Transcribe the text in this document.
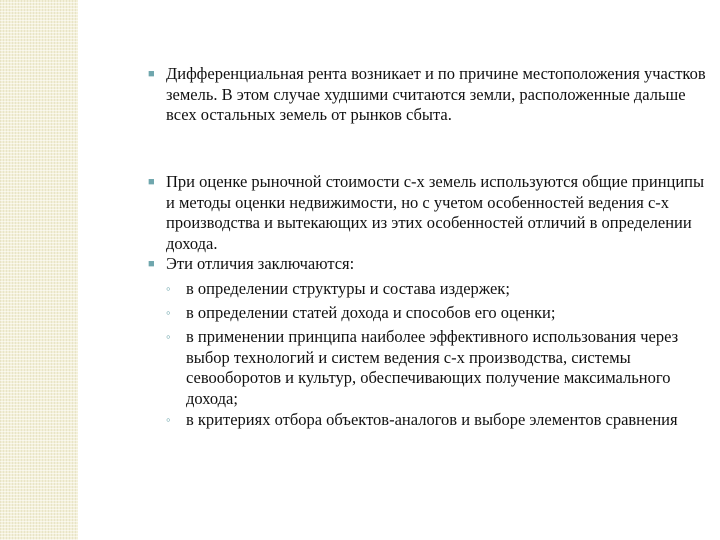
■ Дифференциальная рента возникает и по причине местоположения участков земель. В этом случае худшими считаются земли, расположенные дальше всех остальных земель от рынков сбыта.
■ При оценке рыночной стоимости с-х земель используются общие принципы и методы оценки недвижимости, но с учетом особенностей ведения с-х производства и вытекающих из этих особенностей отличий в определении дохода.
■ Эти отличия заключаются:
◦ в определении структуры и состава издержек;
◦ в определении статей дохода и способов его оценки;
◦ в применении принципа наиболее эффективного использования через выбор технологий и систем ведения с-х производства, системы севооборотов и культур, обеспечивающих получение максимального дохода;
◦ в критериях отбора объектов-аналогов и выборе элементов сравнения
